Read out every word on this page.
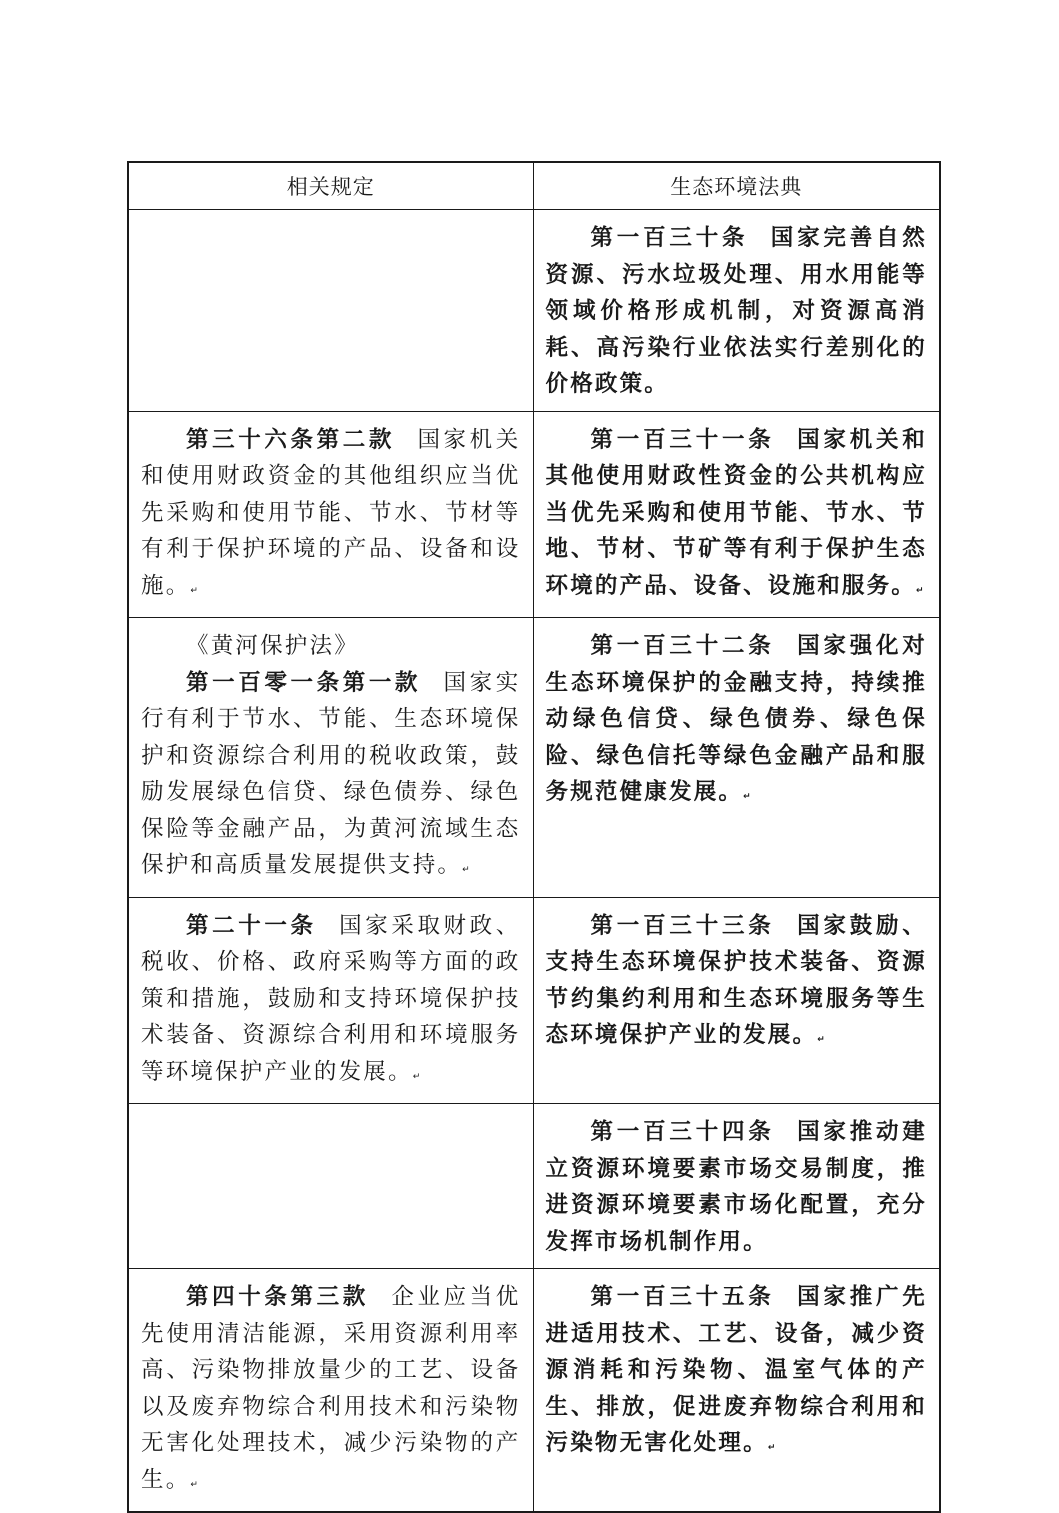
相关规定	生态环境法典

	第一百三十条 国家完善自然资源、污水垃圾处理、用水用能等领域价格形成机制，对资源高消耗、高污染行业依法实行差别化的价格政策。

第三十六条第二款 国家机关和使用财政资金的其他组织应当优先采购和使用节能、节水、节材等有利于保护环境的产品、设备和设施。↵	第一百三十一条 国家机关和其他使用财政性资金的公共机构应当优先采购和使用节能、节水、节地、节材、节矿等有利于保护生态环境的产品、设备、设施和服务。↵

《黄河保护法》

第一百零一条第一款 国家实行有利于节水、节能、生态环境保护和资源综合利用的税收政策，鼓励发展绿色信贷、绿色债券、绿色保险等金融产品，为黄河流域生态保护和高质量发展提供支持。↵	第一百三十二条 国家强化对生态环境保护的金融支持，持续推动绿色信贷、绿色债券、绿色保险、绿色信托等绿色金融产品和服务规范健康发展。↵

第二十一条 国家采取财政、税收、价格、政府采购等方面的政策和措施，鼓励和支持环境保护技术装备、资源综合利用和环境服务等环境保护产业的发展。↵	第一百三十三条 国家鼓励、支持生态环境保护技术装备、资源节约集约利用和生态环境服务等生态环境保护产业的发展。↵

	第一百三十四条 国家推动建立资源环境要素市场交易制度，推进资源环境要素市场化配置，充分发挥市场机制作用。

第四十条第三款 企业应当优先使用清洁能源，采用资源利用率高、污染物排放量少的工艺、设备以及废弃物综合利用技术和污染物无害化处理技术，减少污染物的产生。↵	第一百三十五条 国家推广先进适用技术、工艺、设备，减少资源消耗和污染物、温室气体的产生、排放，促进废弃物综合利用和污染物无害化处理。↵
